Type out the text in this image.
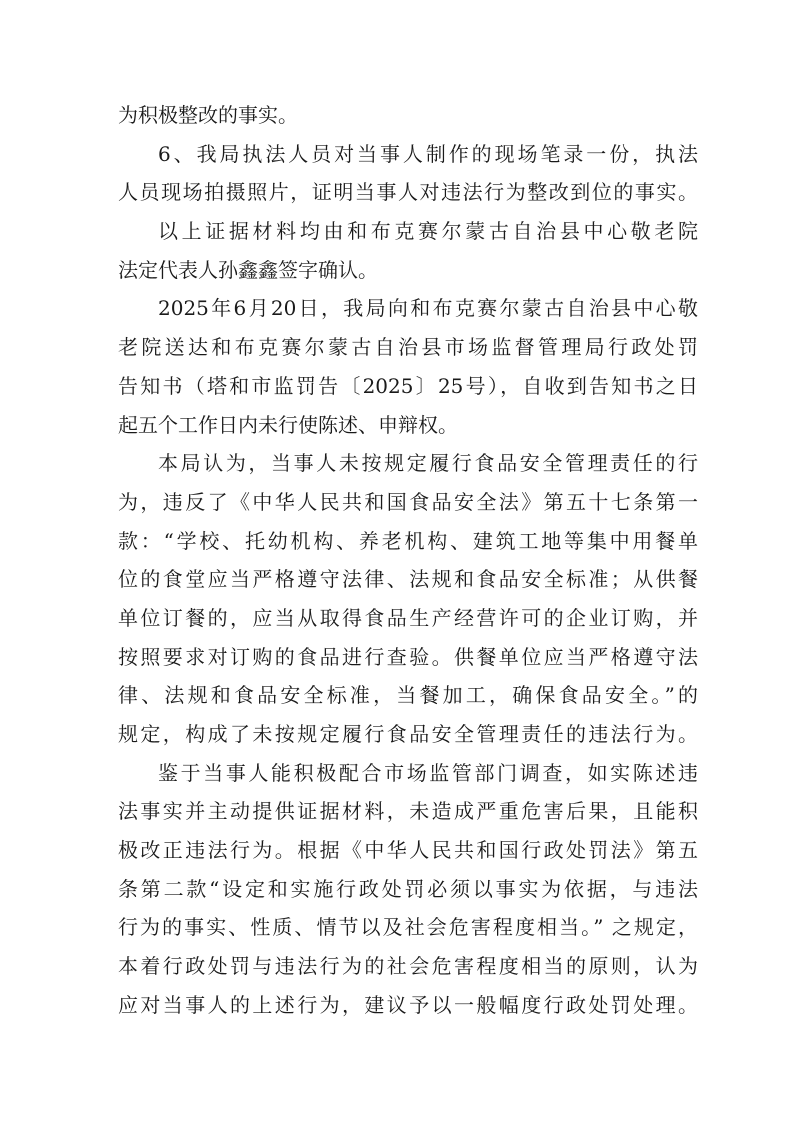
为积极整改的事实。
6、我局执法人员对当事人制作的现场笔录一份，执法
人员现场拍摄照片，证明当事人对违法行为整改到位的事实。
以上证据材料均由和布克赛尔蒙古自治县中心敬老院
法定代表人孙鑫鑫签字确认。
2025年6月20日，我局向和布克赛尔蒙古自治县中心敬
老院送达和布克赛尔蒙古自治县市场监督管理局行政处罚
告知书（塔和市监罚告〔2025〕25号），自收到告知书之日
起五个工作日内未行使陈述、申辩权。
本局认为，当事人未按规定履行食品安全管理责任的行
为，违反了《中华人民共和国食品安全法》第五十七条第一
款：“学校、托幼机构、养老机构、建筑工地等集中用餐单
位的食堂应当严格遵守法律、法规和食品安全标准；从供餐
单位订餐的，应当从取得食品生产经营许可的企业订购，并
按照要求对订购的食品进行查验。供餐单位应当严格遵守法
律、法规和食品安全标准，当餐加工，确保食品安全。”的
规定，构成了未按规定履行食品安全管理责任的违法行为。
鉴于当事人能积极配合市场监管部门调查，如实陈述违
法事实并主动提供证据材料，未造成严重危害后果，且能积
极改正违法行为。根据《中华人民共和国行政处罚法》第五
条第二款“设定和实施行政处罚必须以事实为依据，与违法
行为的事实、性质、情节以及社会危害程度相当。” 之规定，
本着行政处罚与违法行为的社会危害程度相当的原则，认为
应对当事人的上述行为，建议予以一般幅度行政处罚处理。
